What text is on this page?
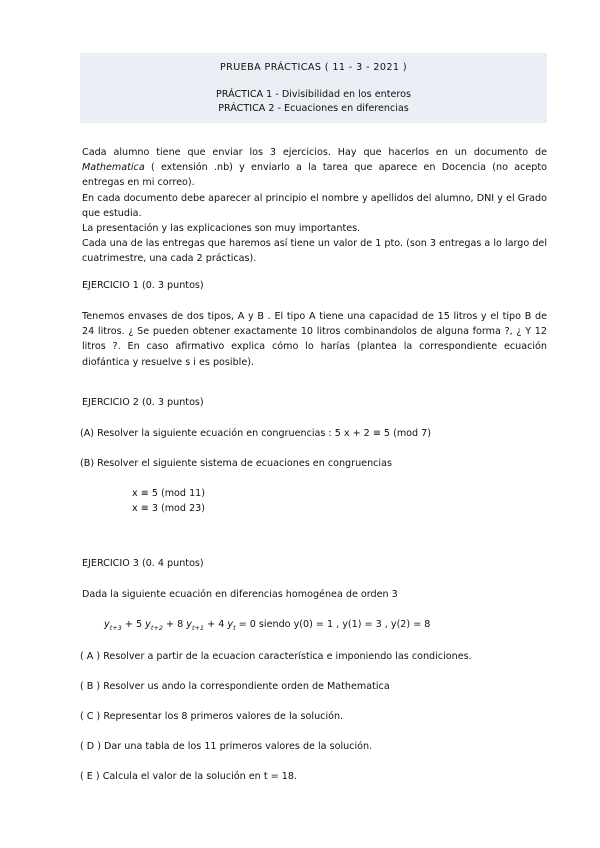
PRUEBA PRÁCTICAS ( 11 - 3 - 2021 )
PRÁCTICA 1 - Divisibilidad en los enteros
PRÁCTICA 2 - Ecuaciones en diferencias
Cada alumno tiene que enviar los 3 ejercicios. Hay que hacerlos en un documento de Mathematica ( extensión .nb) y enviarlo a la tarea que aparece en Docencia (no acepto entregas en mi correo).
En cada documento debe aparecer al principio el nombre y apellidos del alumno, DNI y el Grado que estudia.
La presentación y las explicaciones son muy importantes.
Cada una de las entregas que haremos así tiene un valor de 1 pto. (son 3 entregas a lo largo del cuatrimestre, una cada 2 prácticas).
EJERCICIO 1 (0. 3 puntos)
Tenemos envases de dos tipos, A y B . El tipo A tiene una capacidad de 15 litros y el tipo B de 24 litros. ¿ Se pueden obtener exactamente 10 litros combinandolos de alguna forma ?, ¿ Y 12 litros ?. En caso afirmativo explica cómo lo harías (plantea la correspondiente ecuación diofántica y resuelve s i es posible).
EJERCICIO 2 (0. 3 puntos)
(A) Resolver la siguiente ecuación en congruencias : 5 x + 2 ≡ 5 (mod 7)
(B) Resolver el siguiente sistema de ecuaciones en congruencias
x ≡ 5 (mod 11)
x ≡ 3 (mod 23)
EJERCICIO 3 (0. 4 puntos)
Dada la siguiente ecuación en diferencias homogénea de orden 3
$y_{t+3} + 5$ $y_{t+2} + 8$ $y_{t+1} + 4$ $y_t = 0$ siendo y(0) = 1 , y(1) = 3 , y(2) = 8
( A ) Resolver a partir de la ecuacion característica e imponiendo las condiciones.
( B ) Resolver us ando la correspondiente orden de Mathematica
( C ) Representar los 8 primeros valores de la solución.
( D ) Dar una tabla de los 11 primeros valores de la solución.
( E ) Calcula el valor de la solución en t = 18.
